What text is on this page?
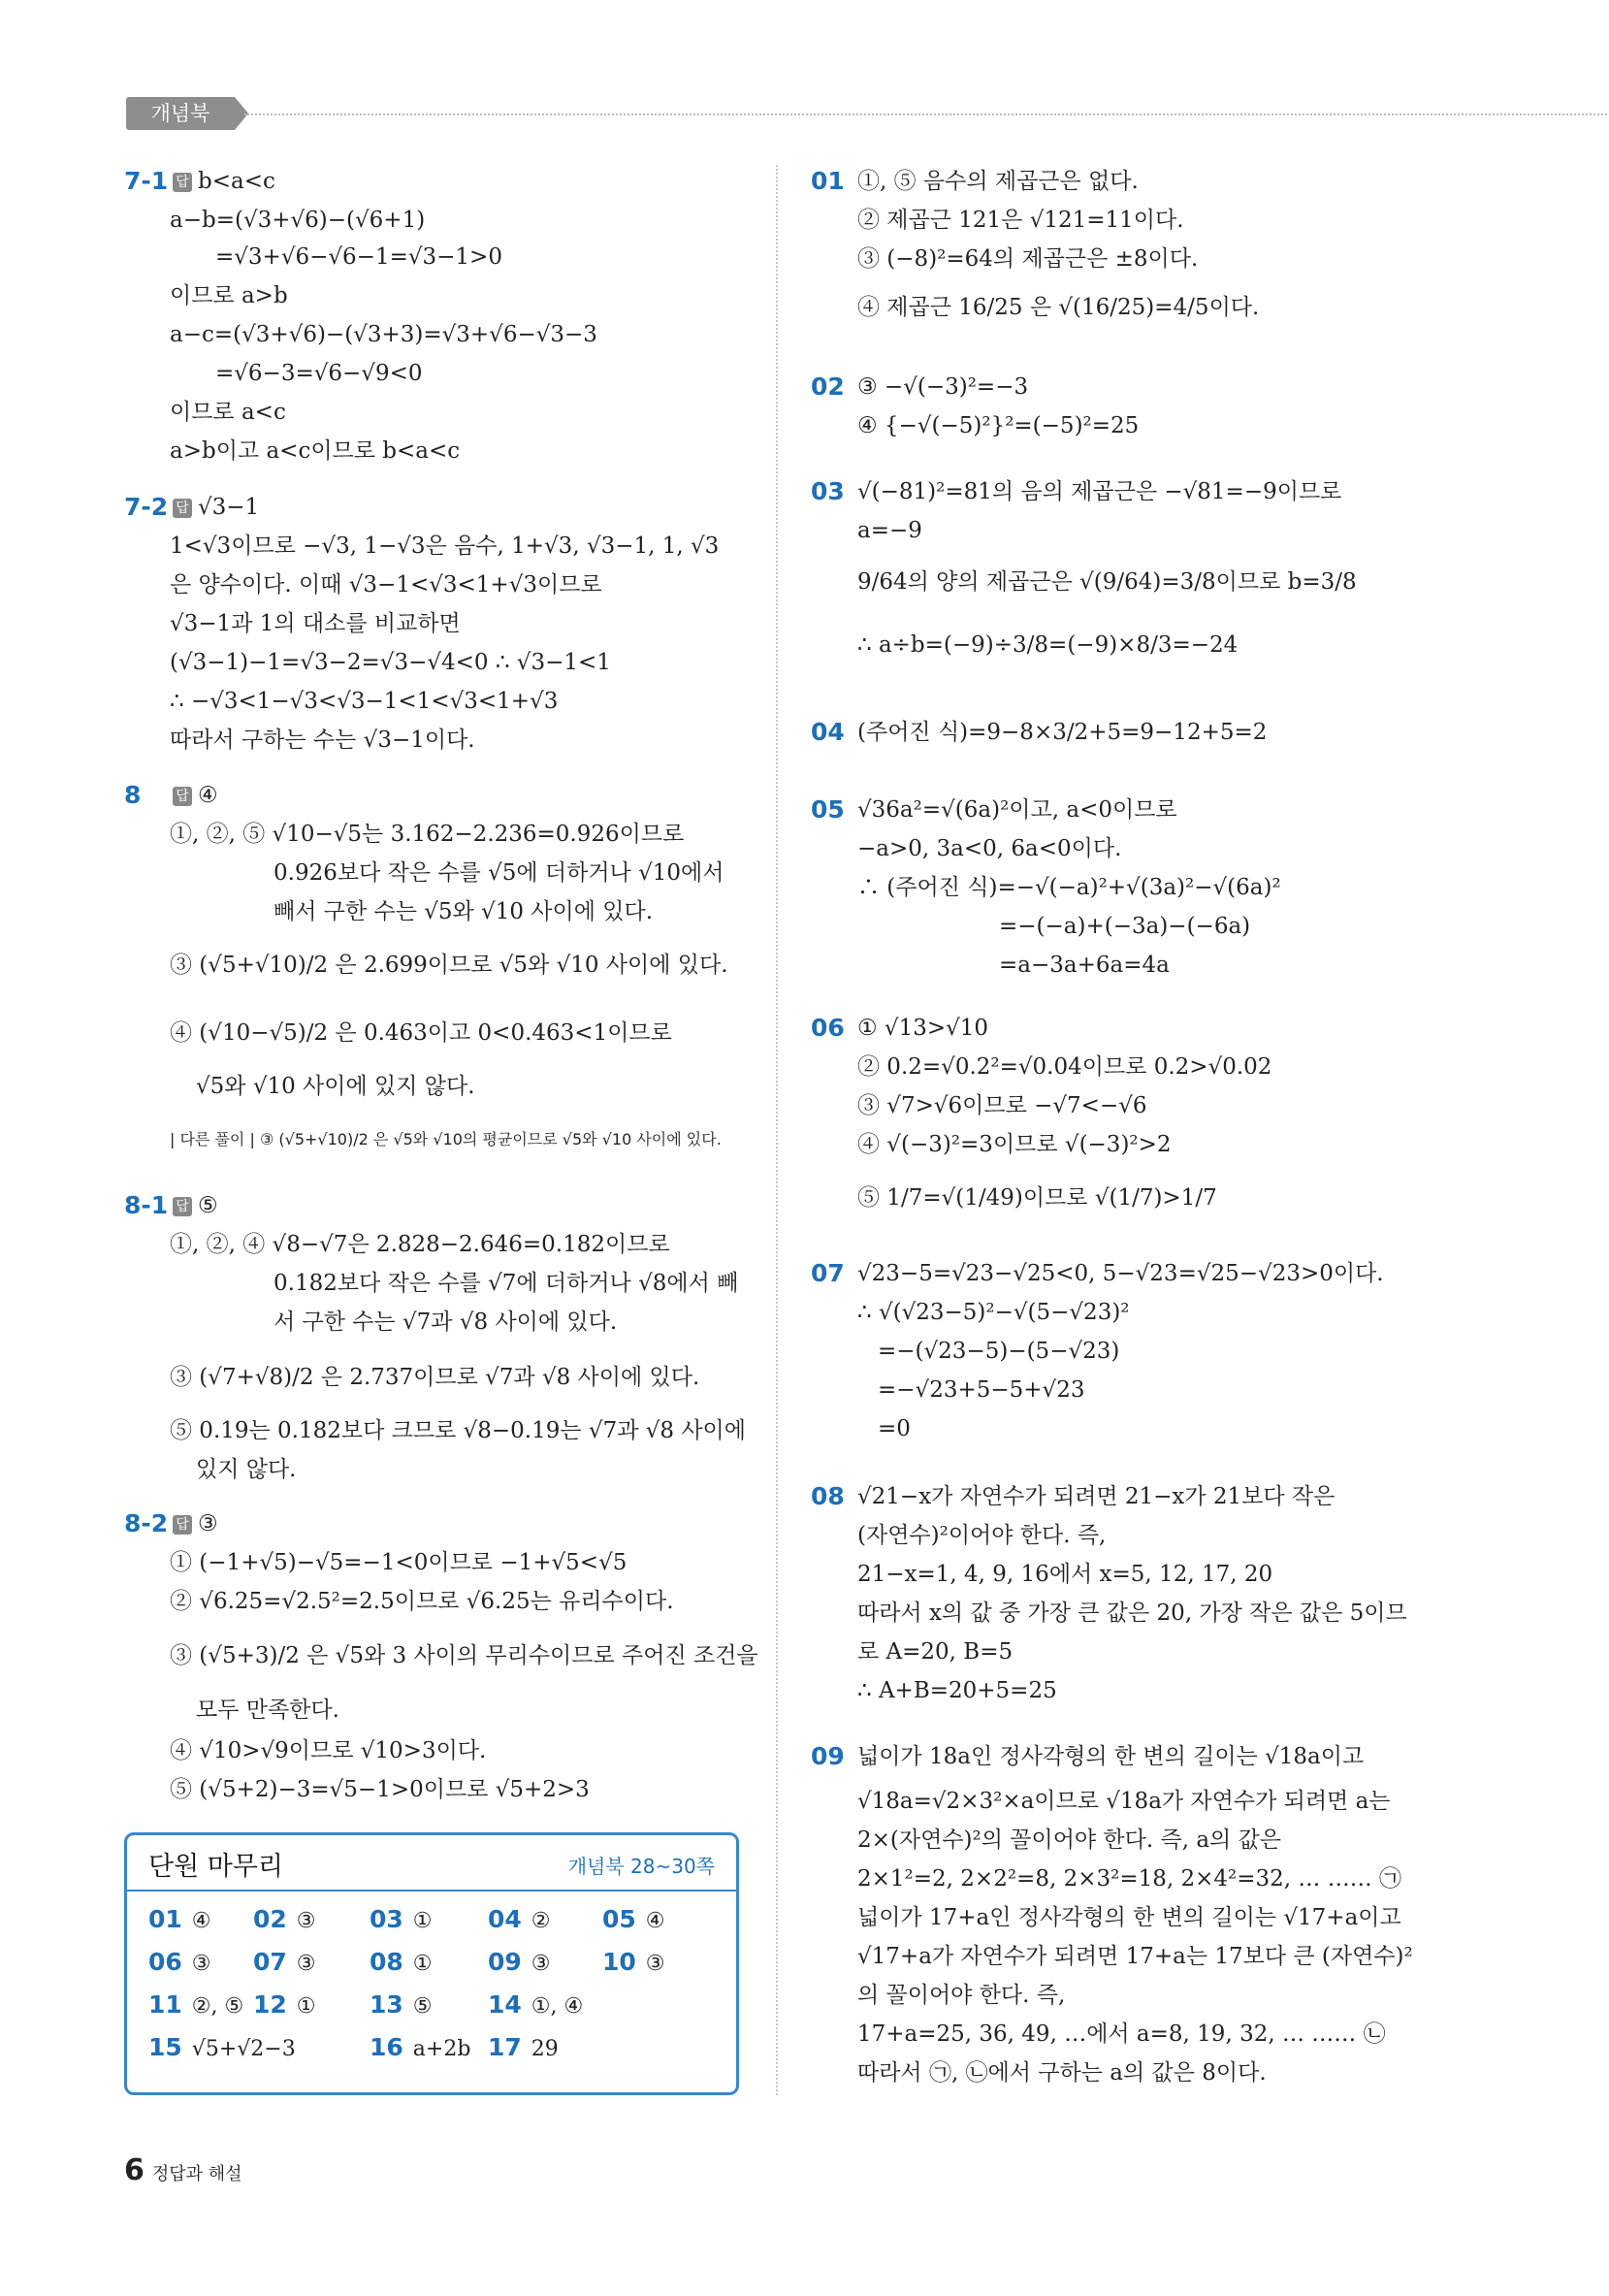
개념북
7-1 답 b<a<c
a−b=(√3+√6)−(√6+1)
=√3+√6−√6−1=√3−1>0
이므로 a>b
a−c=(√3+√6)−(√3+3)=√3+√6−√3−3
=√6−3=√6−√9<0
이므로 a<c
a>b이고 a<c이므로 b<a<c
7-2 답 √3−1
1<√3이므로 −√3, 1−√3은 음수, 1+√3, √3−1, 1, √3
은 양수이다. 이때 √3−1<√3<1+√3이므로
√3−1과 1의 대소를 비교하면
(√3−1)−1=√3−2=√3−√4<0 ∴ √3−1<1
∴ −√3<1−√3<√3−1<1<√3<1+√3
따라서 구하는 수는 √3−1이다.
8	답 ④
①, ②, ⑤ √10−√5는 3.162−2.236=0.926이므로
0.926보다 작은 수를 √5에 더하거나 √10에서
빼서 구한 수는 √5와 √10 사이에 있다.
③ (√5+√10)/2 은 2.699이므로 √5와 √10 사이에 있다.
④ (√10−√5)/2 은 0.463이고 0<0.463<1이므로
√5와 √10 사이에 있지 않다.
| 다른 풀이 | ③ (√5+√10)/2 은 √5와 √10의 평균이므로 √5와 √10 사이에 있다.
8-1 답 ⑤
①, ②, ④ √8−√7은 2.828−2.646=0.182이므로
0.182보다 작은 수를 √7에 더하거나 √8에서 빼
서 구한 수는 √7과 √8 사이에 있다.
③ (√7+√8)/2 은 2.737이므로 √7과 √8 사이에 있다.
⑤ 0.19는 0.182보다 크므로 √8−0.19는 √7과 √8 사이에
있지 않다.
8-2 답 ③
① (−1+√5)−√5=−1<0이므로 −1+√5<√5
② √6.25=√2.5²=2.5이므로 √6.25는 유리수이다.
③ (√5+3)/2 은 √5와 3 사이의 무리수이므로 주어진 조건을
모두 만족한다.
④ √10>√9이므로 √10>3이다.
⑤ (√5+2)−3=√5−1>0이므로 √5+2>3
단원 마무리	개념북 28~30쪽
01 ④ 02 ③ 03 ① 04 ② 05 ④
06 ③ 07 ③ 08 ① 09 ③ 10 ③
11 ②, ⑤ 12 ① 13 ⑤ 14 ①, ④
15 √5+√2−3	16 a+2b 17 29
01 ①, ⑤ 음수의 제곱근은 없다.
② 제곱근 121은 √121=11이다.
③ (−8)²=64의 제곱근은 ±8이다.
④ 제곱근 16/25 은 √(16/25)=4/5이다.
02 ③ −√(−3)²=−3
④ {−√(−5)²}²=(−5)²=25
03 √(−81)²=81의 음의 제곱근은 −√81=−9이므로
a=−9
9/64의 양의 제곱근은 √(9/64)=3/8이므로 b=3/8
∴ a÷b=(−9)÷3/8=(−9)×8/3=−24
04 (주어진 식)=9−8×3/2+5=9−12+5=2
05 √36a²=√(6a)²이고, a<0이므로
−a>0, 3a<0, 6a<0이다.
∴ (주어진 식)=−√(−a)²+√(3a)²−√(6a)²
=−(−a)+(−3a)−(−6a)
=a−3a+6a=4a
06 ① √13>√10
② 0.2=√0.2²=√0.04이므로 0.2>√0.02
③ √7>√6이므로 −√7<−√6
④ √(−3)²=3이므로 √(−3)²>2
⑤ 1/7=√(1/49)이므로 √(1/7)>1/7
07 √23−5=√23−√25<0, 5−√23=√25−√23>0이다.
∴ √(√23−5)²−√(5−√23)²
=−(√23−5)−(5−√23)
=−√23+5−5+√23
=0
08 √21−x가 자연수가 되려면 21−x가 21보다 작은
(자연수)²이어야 한다. 즉,
21−x=1, 4, 9, 16에서 x=5, 12, 17, 20
따라서 x의 값 중 가장 큰 값은 20, 가장 작은 값은 5이므
로 A=20, B=5
∴ A+B=20+5=25
09 넓이가 18a인 정사각형의 한 변의 길이는 √18a이고
√18a=√2×3²×a이므로 √18a가 자연수가 되려면 a는
2×(자연수)²의 꼴이어야 한다. 즉, a의 값은
2×1²=2, 2×2²=8, 2×3²=18, 2×4²=32, … …… ㉠
넓이가 17+a인 정사각형의 한 변의 길이는 √17+a이고
√17+a가 자연수가 되려면 17+a는 17보다 큰 (자연수)²
의 꼴이어야 한다. 즉,
17+a=25, 36, 49, …에서 a=8, 19, 32, … …… ㉡
따라서 ㉠, ㉡에서 구하는 a의 값은 8이다.
6 정답과 해설
